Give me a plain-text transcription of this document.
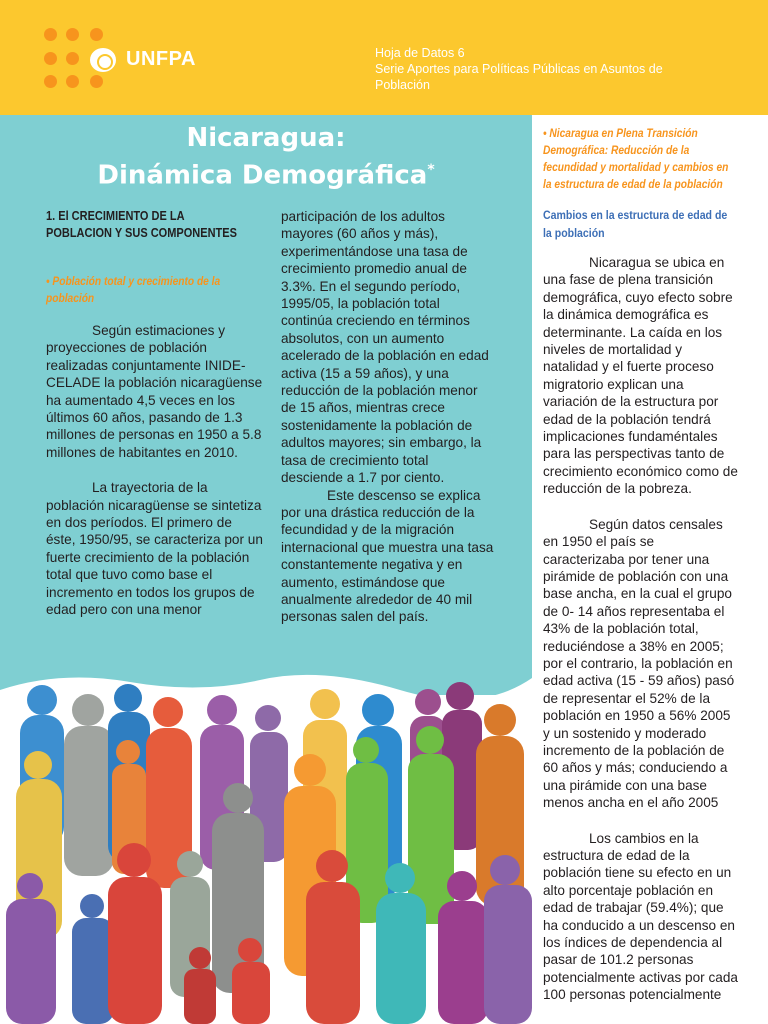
UNFPA	Hoja de Datos 6
Serie Aportes para Políticas Públicas en Asuntos de Población
Nicaragua:
Dinámica Demográfica*
1. El CRECIMIENTO DE LA POBLACION Y SUS COMPONENTES
• Población total y crecimiento de la población

Según estimaciones y proyecciones de población realizadas conjuntamente INIDE-CELADE la población nicaragüense ha aumentado 4,5 veces en los últimos 60 años, pasando de 1.3 millones de personas en 1950 a 5.8 millones de habitantes en 2010.

La trayectoria de la población nicaragüense se sintetiza en dos períodos. El primero de éste, 1950/95, se caracteriza por un fuerte crecimiento de la población total que tuvo como base el incremento en todos los grupos de edad pero con una menor

participación de los adultos mayores (60 años y más), experimentándose una tasa de crecimiento promedio anual de 3.3%. En el segundo período, 1995/05, la población total continúa creciendo en términos absolutos, con un aumento acelerado de la población en edad activa (15 a 59 años), y una reducción de la población menor de 15 años, mientras crece sostenidamente la población de adultos mayores; sin embargo, la tasa de crecimiento total desciende a 1.7 por ciento.

Este descenso se explica por una drástica reducción de la fecundidad y de la migración internacional que muestra una tasa constantemente negativa y en aumento, estimándose que anualmente alrededor de 40 mil personas salen del país.

• Nicaragua en Plena Transición Demográfica: Reducción de la fecundidad y mortalidad y cambios en la estructura de edad de la población
Cambios en la estructura de edad de la población

Nicaragua se ubica en una fase de plena transición demográfica, cuyo efecto sobre la dinámica demográfica es determinante. La caída en los niveles de mortalidad y natalidad y el fuerte proceso migratorio explican una variación de la estructura por edad de la población tendrá implicaciones fundaméntales para las perspectivas tanto de crecimiento económico como de reducción de la pobreza.

Según datos censales en 1950 el país se caracterizaba por tener una pirámide de población con una base ancha, en la cual el grupo de 0- 14 años representaba el 43% de la población total, reduciéndose a 38% en 2005; por el contrario, la población en edad activa (15 - 59 años) pasó de representar el 52% de la población en 1950 a 56% 2005 y un sostenido y moderado incremento de la población de 60 años y más; conduciendo a una pirámide con una base menos ancha en el año 2005

Los cambios en la estructura de edad de la población tiene su efecto en un alto porcentaje población en edad de trabajar (59.4%); que ha conducido a un descenso en los índices de dependencia al pasar de 101.2 personas potencialmente activas por cada 100 personas potencialmente
